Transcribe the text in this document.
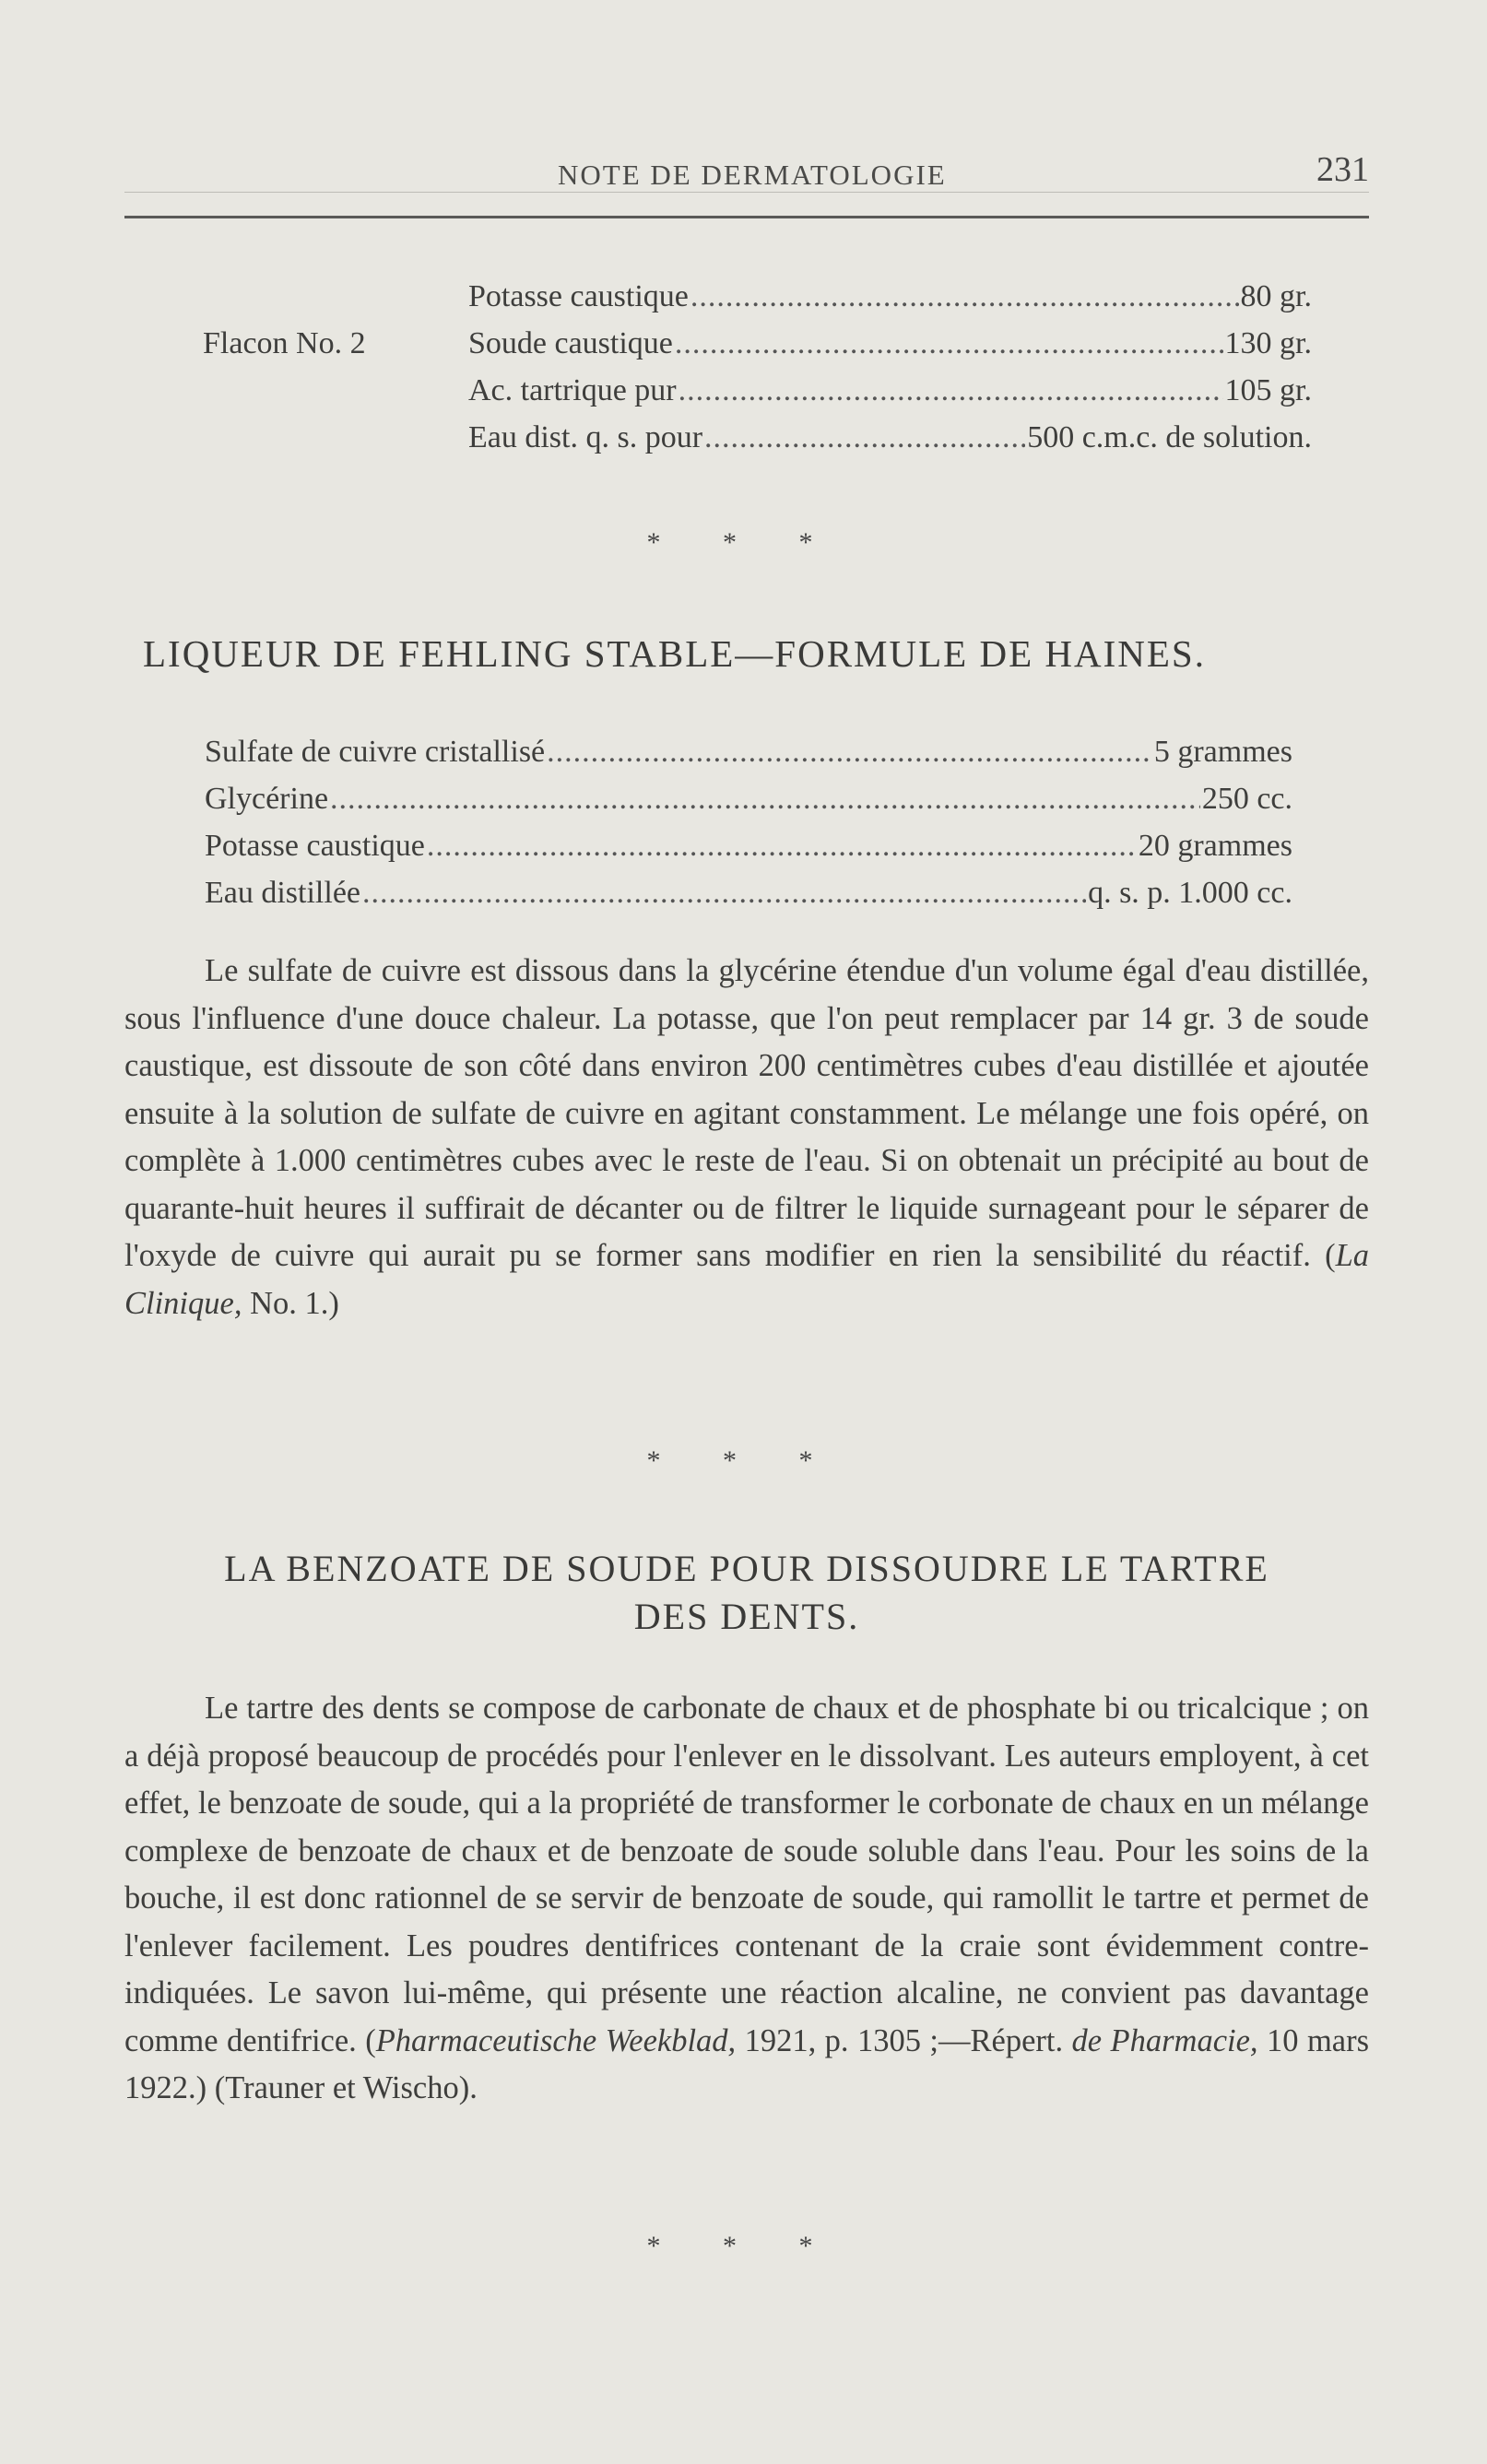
NOTE DE DERMATOLOGIE	231
Flacon No. 2
Potasse caustique .....	80 gr.
Soude caustique .....	130 gr.
Ac. tartrique pur .....	105 gr.
Eau dist. q. s. pour .....	500 c.m.c. de solution.
* * *
LIQUEUR DE FEHLING STABLE—FORMULE DE HAINES.
Sulfate de cuivre cristallisé .....	5 grammes
Glycérine .....	250 cc.
Potasse caustique .....	20 grammes
Eau distillée .....	q. s. p. 1.000 cc.

Le sulfate de cuivre est dissous dans la glycérine étendue d'un volume égal d'eau distillée, sous l'influence d'une douce chaleur. La potasse, que l'on peut remplacer par 14 gr. 3 de soude caustique, est dissoute de son côté dans environ 200 centimètres cubes d'eau distillée et ajoutée ensuite à la solution de sulfate de cuivre en agitant constamment. Le mélange une fois opéré, on complète à 1.000 centimètres cubes avec le reste de l'eau. Si on obtenait un précipité au bout de quarante-huit heures il suffirait de décanter ou de filtrer le liquide surnageant pour le séparer de l'oxyde de cuivre qui aurait pu se former sans modifier en rien la sensibilité du réactif. (La Clinique, No. 1.)

* * *
LA BENZOATE DE SOUDE POUR DISSOUDRE LE TARTRE
DES DENTS.

Le tartre des dents se compose de carbonate de chaux et de phosphate bi ou tricalcique ; on a déjà proposé beaucoup de procédés pour l'enlever en le dissolvant. Les auteurs employent, à cet effet, le benzoate de soude, qui a la propriété de transformer le corbonate de chaux en un mélange complexe de benzoate de chaux et de benzoate de soude soluble dans l'eau. Pour les soins de la bouche, il est donc rationnel de se servir de benzoate de soude, qui ramollit le tartre et permet de l'enlever facilement. Les poudres dentifrices contenant de la craie sont évidemment contre-indiquées. Le savon lui-même, qui présente une réaction alcaline, ne convient pas davantage comme dentifrice. (Pharmaceutische Weekblad, 1921, p. 1305 ;—Répert. de Pharmacie, 10 mars 1922.) (Trauner et Wischo).

* * *
